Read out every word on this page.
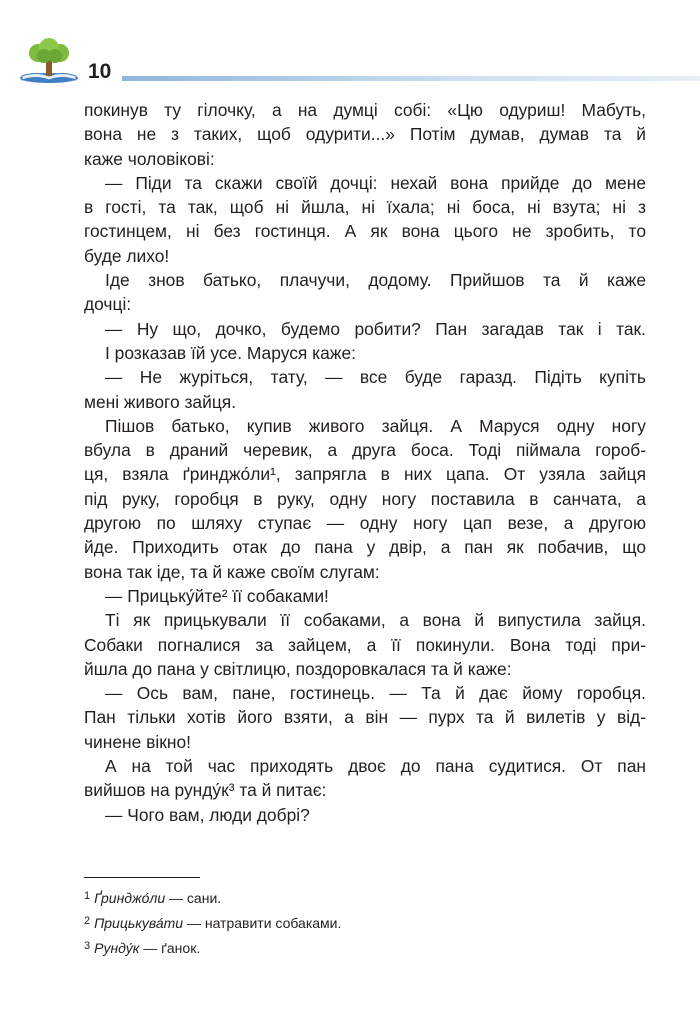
10
покинув ту гілочку, а на думці собі: «Цю одуриш! Мабуть,
вона не з таких, щоб одурити...» Потім думав, думав та й
каже чоловікові:
— Піди та скажи своїй дочці: нехай вона прийде до мене
в гості, та так, щоб ні йшла, ні їхала; ні боса, ні взута; ні з
гостинцем, ні без гостинця. А як вона цього не зробить, то
буде лихо!
Іде знов батько, плачучи, додому. Прийшов та й каже
дочці:
— Ну що, дочко, будемо робити? Пан загадав так і так.
І розказав їй усе. Маруся каже:
— Не журіться, тату, — все буде гаразд. Підіть купіть
мені живого зайця.
Пішов батько, купив живого зайця. А Маруся одну ногу
вбула в драний черевик, а друга боса. Тоді піймала гороб-
ця, взяла ґринджо́ли¹, запрягла в них цапа. От узяла зайця
під руку, горобця в руку, одну ногу поставила в санчата, а
другою по шляху ступає — одну ногу цап везе, а другою
йде. Приходить отак до пана у двір, а пан як побачив, що
вона так іде, та й каже своїм слугам:
— Прицьку́йте² її собаками!
Ті як прицькували її собаками, а вона й випустила зайця.
Собаки погналися за зайцем, а її покинули. Вона тоді при-
йшла до пана у світлицю, поздоровкалася та й каже:
— Ось вам, пане, гостинець. — Та й дає йому горобця.
Пан тільки хотів його взяти, а він — пурх та й вилетів у від-
чинене вікно!
А на той час приходять двоє до пана судитися. От пан
вийшов на рунду́к³ та й питає:
— Чого вам, люди добрі?
$^1$ Ґринджо́ли — сани.
$^2$ Прицькува́ти — натравити собаками.
$^3$ Рунду́к — ґанок.
